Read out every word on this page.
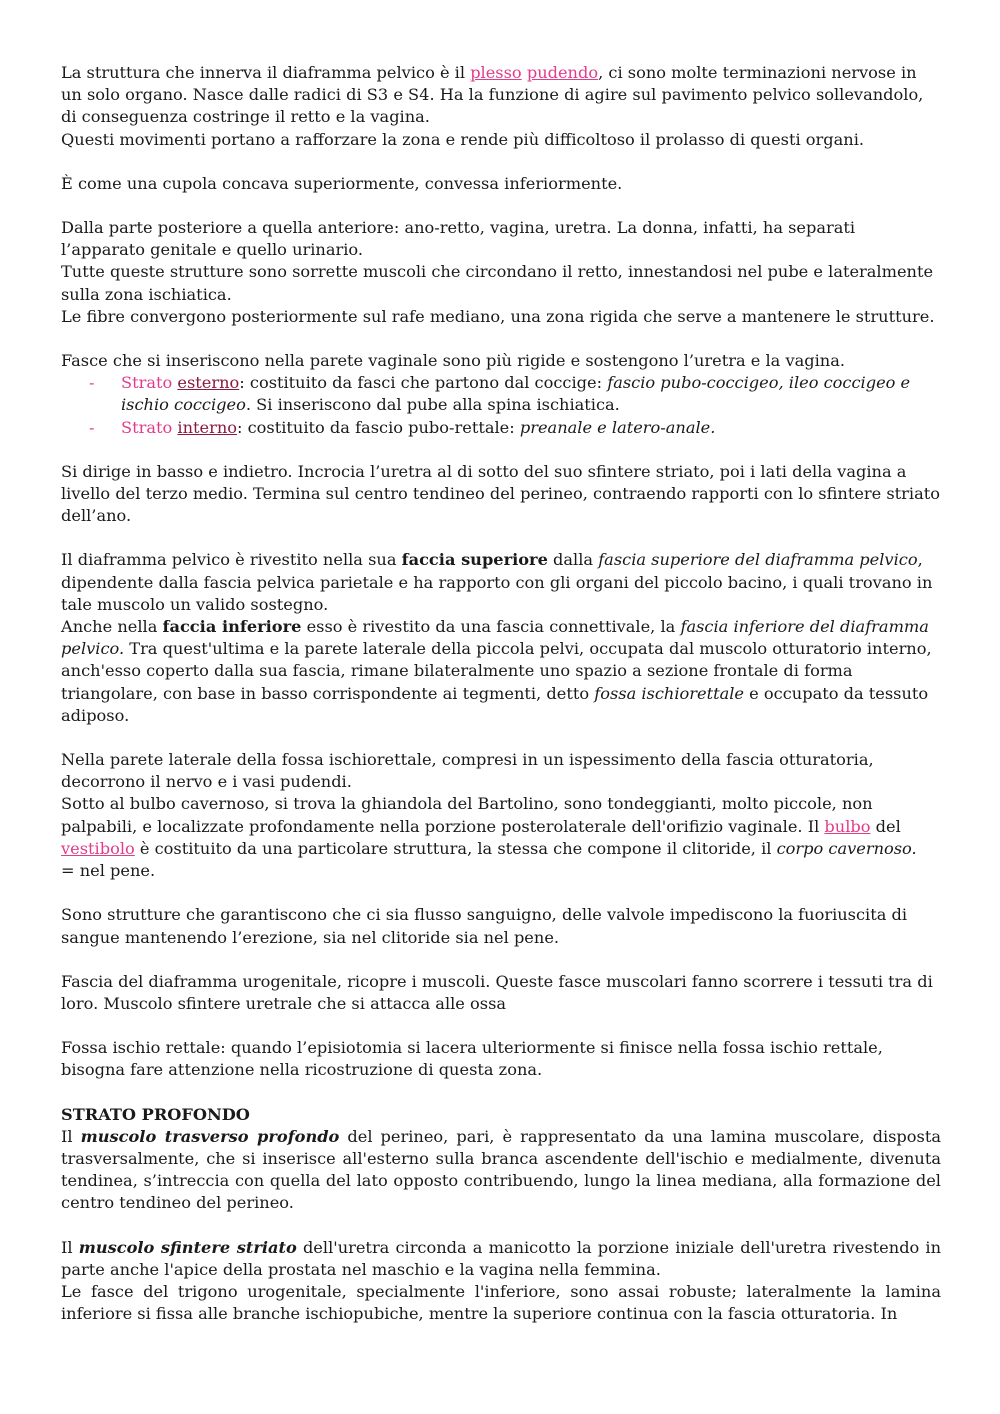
La struttura che innerva il diaframma pelvico è il plesso pudendo, ci sono molte terminazioni nervose in un solo organo. Nasce dalle radici di S3 e S4. Ha la funzione di agire sul pavimento pelvico sollevandolo, di conseguenza costringe il retto e la vagina.
Questi movimenti portano a rafforzare la zona e rende più difficoltoso il prolasso di questi organi.

È come una cupola concava superiormente, convessa inferiormente.

Dalla parte posteriore a quella anteriore: ano-retto, vagina, uretra. La donna, infatti, ha separati l’apparato genitale e quello urinario.
Tutte queste strutture sono sorrette muscoli che circondano il retto, innestandosi nel pube e lateralmente sulla zona ischiatica.
Le fibre convergono posteriormente sul rafe mediano, una zona rigida che serve a mantenere le strutture.

Fasce che si inseriscono nella parete vaginale sono più rigide e sostengono l’uretra e la vagina.

- Strato esterno: costituito da fasci che partono dal coccige: fascio pubo-coccigeo, ileo coccigeo e ischio coccigeo. Si inseriscono dal pube alla spina ischiatica.
- Strato interno: costituito da fascio pubo-rettale: preanale e latero-anale.

Si dirige in basso e indietro. Incrocia l’uretra al di sotto del suo sfintere striato, poi i lati della vagina a livello del terzo medio. Termina sul centro tendineo del perineo, contraendo rapporti con lo sfintere striato dell’ano.

Il diaframma pelvico è rivestito nella sua faccia superiore dalla fascia superiore del diaframma pelvico, dipendente dalla fascia pelvica parietale e ha rapporto con gli organi del piccolo bacino, i quali trovano in tale muscolo un valido sostegno.
Anche nella faccia inferiore esso è rivestito da una fascia connettivale, la fascia inferiore del diaframma pelvico. Tra quest'ultima e la parete laterale della piccola pelvi, occupata dal muscolo otturatorio interno, anch'esso coperto dalla sua fascia, rimane bilateralmente uno spazio a sezione frontale di forma triangolare, con base in basso corrispondente ai tegmenti, detto fossa ischiorettale e occupato da tessuto adiposo.

Nella parete laterale della fossa ischiorettale, compresi in un ispessimento della fascia otturatoria, decorrono il nervo e i vasi pudendi.
Sotto al bulbo cavernoso, si trova la ghiandola del Bartolino, sono tondeggianti, molto piccole, non palpabili, e localizzate profondamente nella porzione posterolaterale dell'orifizio vaginale. Il bulbo del vestibolo è costituito da una particolare struttura, la stessa che compone il clitoride, il corpo cavernoso.
= nel pene.

Sono strutture che garantiscono che ci sia flusso sanguigno, delle valvole impediscono la fuoriuscita di sangue mantenendo l’erezione, sia nel clitoride sia nel pene.

Fascia del diaframma urogenitale, ricopre i muscoli. Queste fasce muscolari fanno scorrere i tessuti tra di loro. Muscolo sfintere uretrale che si attacca alle ossa

Fossa ischio rettale: quando l’episiotomia si lacera ulteriormente si finisce nella fossa ischio rettale, bisogna fare attenzione nella ricostruzione di questa zona.

STRATO PROFONDO

Il muscolo trasverso profondo del perineo, pari, è rappresentato da una lamina muscolare, disposta trasversalmente, che si inserisce all'esterno sulla branca ascendente dell'ischio e medialmente, divenuta tendinea, s’intreccia con quella del lato opposto contribuendo, lungo la linea mediana, alla formazione del centro tendineo del perineo.

Il muscolo sfintere striato dell'uretra circonda a manicotto la porzione iniziale dell'uretra rivestendo in parte anche l'apice della prostata nel maschio e la vagina nella femmina.
Le fasce del trigono urogenitale, specialmente l'inferiore, sono assai robuste; lateralmente la lamina inferiore si fissa alle branche ischiopubiche, mentre la superiore continua con la fascia otturatoria. In
